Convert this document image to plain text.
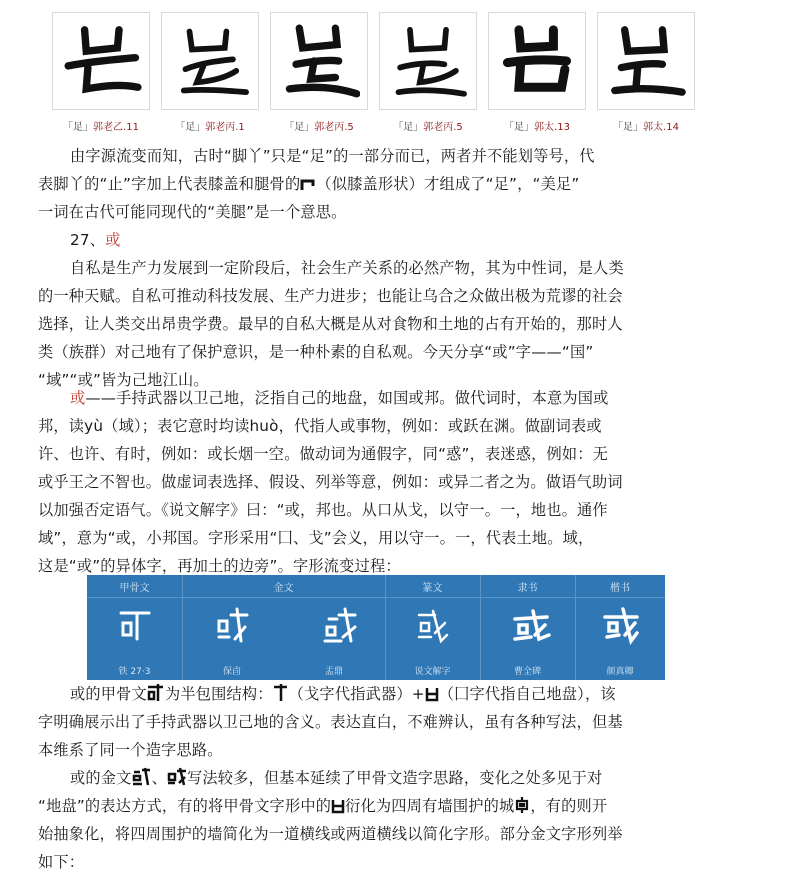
「足」郭老乙.11	「足」郭老丙.1	「足」郭老丙.5	「足」郭老丙.5	「足」郭太.13	「足」郭太.14
由字源流变而知，古时“脚丫”只是“足”的一部分而已，两者并不能划等号，代
表脚丫的“止”字加上代表膝盖和腿骨的 （似膝盖形状）才组成了“足”，“美足”
一词在古代可能同现代的“美腿”是一个意思。
27、或
自私是生产力发展到一定阶段后，社会生产关系的必然产物，其为中性词，是人类
的一种天赋。自私可推动科技发展、生产力进步；也能让乌合之众做出极为荒谬的社会
选择，让人类交出昂贵学费。最早的自私大概是从对食物和土地的占有开始的，那时人
类（族群）对己地有了保护意识，是一种朴素的自私观。今天分享“或”字——“国”
“域”“或”皆为己地江山。
或——手持武器以卫己地，泛指自己的地盘，如国或邦。做代词时，本意为国或
邦，读yù（域）；表它意时均读huò，代指人或事物，例如：或跃在渊。做副词表或
许、也许、有时，例如：或长烟一空。做动词为通假字，同“惑”，表迷惑，例如：无
或乎王之不智也。做虚词表选择、假设、列举等意，例如：或异二者之为。做语气助词
以加强否定语气。《说文解字》曰：“或，邦也。从口从戈，以守一。一，地也。通作
域”，意为“或，小邦国。字形采用“囗、戈”会义，用以守一。一，代表土地。域，
这是“或”的异体字，再加土的边旁”。字形流变过程：
甲骨文	金文	篆文	隶书	楷书
铁 27·3	保卣	盂鼎	说文解字	曹全碑	颜真卿
或的甲骨文 为半包围结构： （戈字代指武器）+ （囗字代指自己地盘），该
字明确展示出了手持武器以卫己地的含义。表达直白，不难辨认，虽有各种写法，但基
本维系了同一个造字思路。
或的金文 、 写法较多，但基本延续了甲骨文造字思路，变化之处多见于对
“地盘”的表达方式，有的将甲骨文字形中的 衍化为四周有墙围护的城 ，有的则开
始抽象化，将四周围护的墙简化为一道横线或两道横线以简化字形。部分金文字形列举
如下：
